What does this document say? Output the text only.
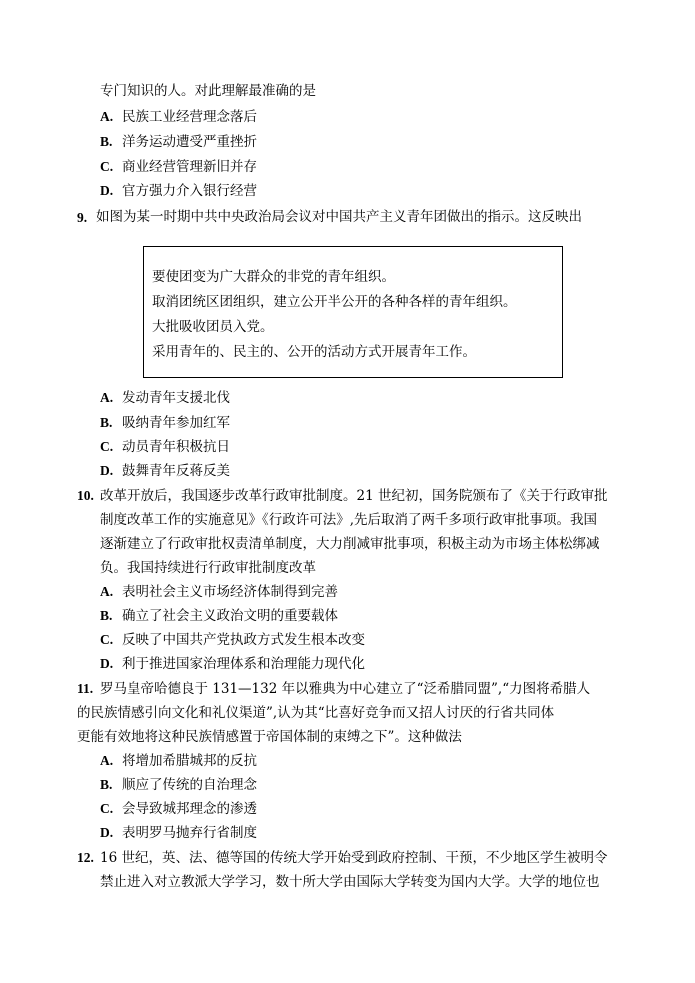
专门知识的人。对此理解最准确的是
A. 民族工业经营理念落后
B. 洋务运动遭受严重挫折
C. 商业经营管理新旧并存
D. 官方强力介入银行经营
9. 如图为某一时期中共中央政治局会议对中国共产主义青年团做出的指示。这反映出
要使团变为广大群众的非党的青年组织。
取消团统区团组织，建立公开半公开的各种各样的青年组织。
大批吸收团员入党。
采用青年的、民主的、公开的活动方式开展青年工作。
A. 发动青年支援北伐
B. 吸纳青年参加红军
C. 动员青年积极抗日
D. 鼓舞青年反蒋反美
10. 改革开放后，我国逐步改革行政审批制度。21 世纪初，国务院颁布了《关于行政审批
制度改革工作的实施意见》《行政许可法》,先后取消了两千多项行政审批事项。我国
逐渐建立了行政审批权责清单制度，大力削减审批事项，积极主动为市场主体松绑减
负。我国持续进行行政审批制度改革
A. 表明社会主义市场经济体制得到完善
B. 确立了社会主义政治文明的重要载体
C. 反映了中国共产党执政方式发生根本改变
D. 利于推进国家治理体系和治理能力现代化
11. 罗马皇帝哈德良于 131—132 年以雅典为中心建立了“泛希腊同盟”,“力图将希腊人
的民族情感引向文化和礼仪渠道”,认为其“比喜好竞争而又招人讨厌的行省共同体
更能有效地将这种民族情感置于帝国体制的束缚之下”。这种做法
A. 将增加希腊城邦的反抗
B. 顺应了传统的自治理念
C. 会导致城邦理念的渗透
D. 表明罗马抛弃行省制度
12. 16 世纪，英、法、德等国的传统大学开始受到政府控制、干预，不少地区学生被明令
禁止进入对立教派大学学习，数十所大学由国际大学转变为国内大学。大学的地位也
